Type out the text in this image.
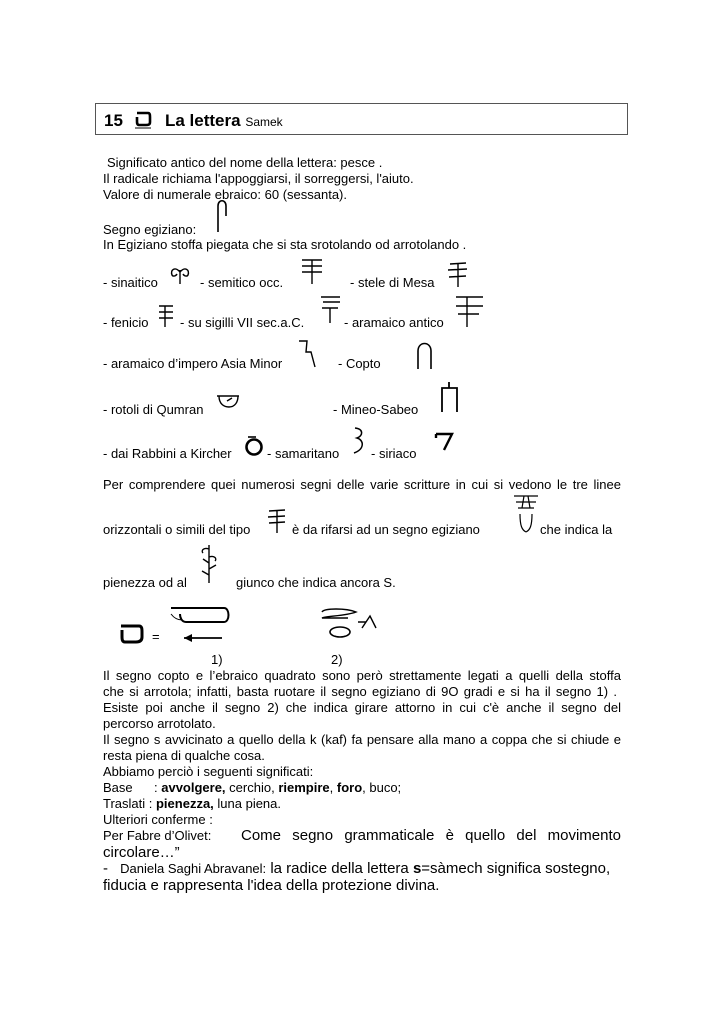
15 La lettera Samek
Significato antico del nome della lettera: pesce .
Il radicale richiama l'appoggiarsi, il sorreggersi, l'aiuto.
Valore di numerale ebraico: 60 (sessanta).
Segno egiziano:
In Egiziano stoffa piegata che si sta srotolando od arrotolando .
- sinaitico	- semitico occ.	- stele di Mesa
- fenicio - su sigilli VII sec.a.C.	- aramaico antico
- aramaico d’impero Asia Minor	- Copto
- rotoli di Qumran	- Mineo-Sabeo
- dai Rabbini a Kircher	- samaritano - siriaco
Per comprendere quei numerosi segni delle varie scritture in cui si vedono le tre linee
orizzontali o simili del tipo	è da rifarsi ad un segno egiziano	che indica la
pienezza od al	giunco che indica ancora S.
=
1)	2)
Il segno copto e l’ebraico quadrato sono però strettamente legati a quelli della stoffa
che si arrotola; infatti, basta ruotare il segno egiziano di 9O gradi e si ha il segno 1) .
Esiste poi anche il segno 2) che indica girare attorno in cui c'è anche il segno del
percorso arrotolato.
Il segno s avvicinato a quello della k (kaf) fa pensare alla mano a coppa che si chiude e
resta piena di qualche cosa.
Abbiamo perciò i seguenti significati:
Base : avvolgere, cerchio, riempire, foro, buco;
Traslati : pienezza, luna piena.
Ulteriori conferme :
Per Fabre d’Olivet: Come segno grammaticale è quello del movimento
circolare…”
- Daniela Saghi Abravanel: la radice della lettera s=sàmech significa sostegno,
fiducia e rappresenta l'idea della protezione divina.
